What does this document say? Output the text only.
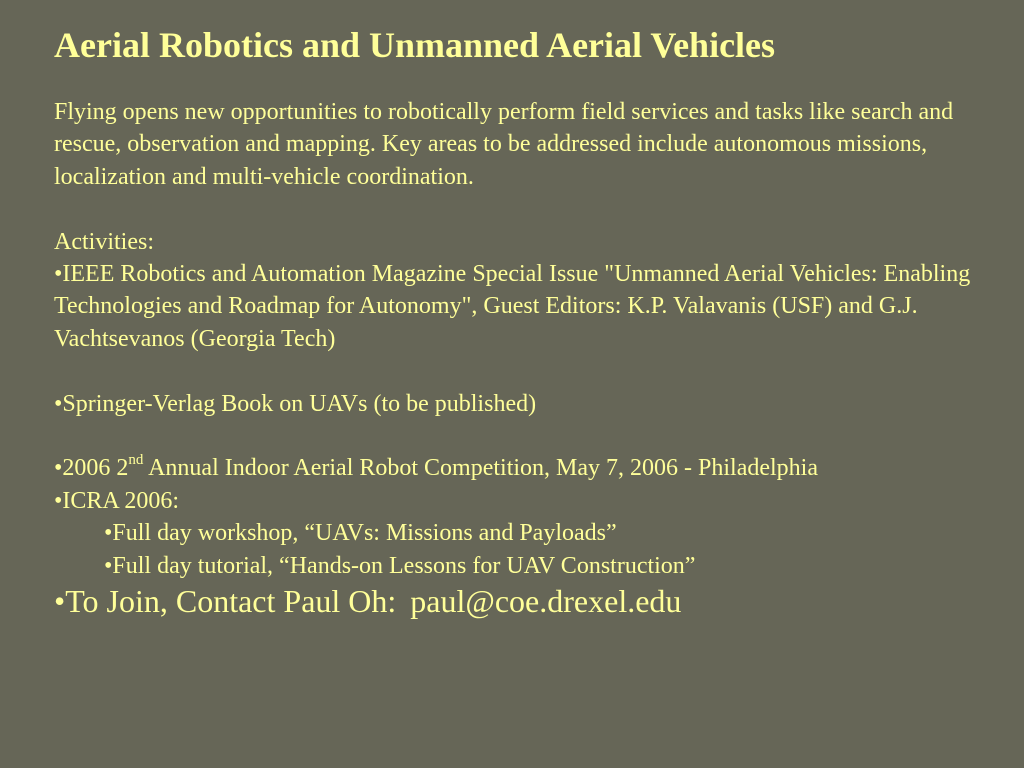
Aerial Robotics and Unmanned Aerial Vehicles

Flying opens new opportunities to robotically perform field services and tasks like search and rescue, observation and mapping. Key areas to be addressed include autonomous missions, localization and multi-vehicle coordination.

Activities:

•IEEE Robotics and Automation Magazine Special Issue "Unmanned Aerial Vehicles: Enabling Technologies and Roadmap for Autonomy", Guest Editors: K.P. Valavanis (USF) and G.J. Vachtsevanos (Georgia Tech)

•Springer-Verlag Book on UAVs (to be published)

•2006 2nd Annual Indoor Aerial Robot Competition, May 7, 2006 - Philadelphia

•ICRA 2006:

•Full day workshop, “UAVs: Missions and Payloads”

•Full day tutorial, “Hands-on Lessons for UAV Construction”

•To Join, Contact Paul Oh: paul@coe.drexel.edu
